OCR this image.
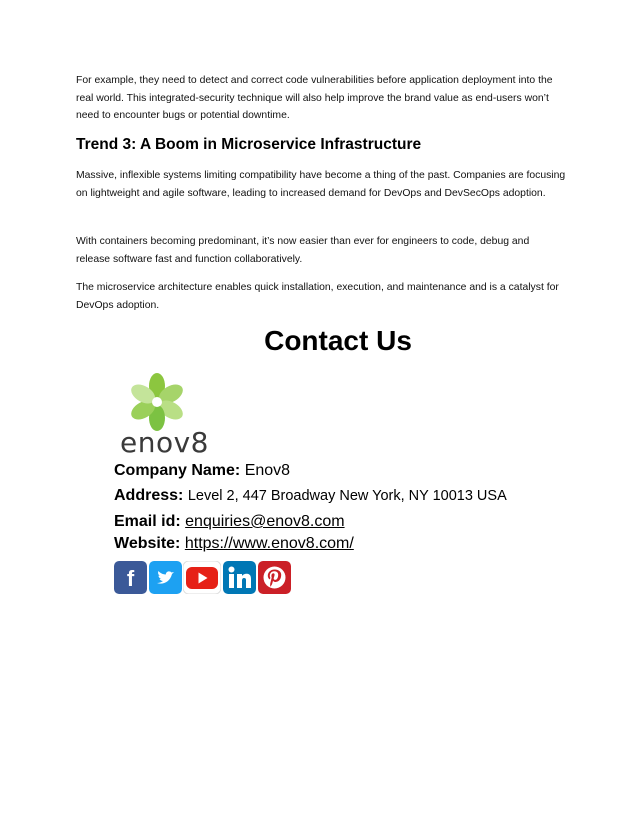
For example, they need to detect and correct code vulnerabilities before application deployment into the real world. This integrated-security technique will also help improve the brand value as end-users won’t need to encounter bugs or potential downtime.

Trend 3: A Boom in Microservice Infrastructure

Massive, inflexible systems limiting compatibility have become a thing of the past. Companies are focusing on lightweight and agile software, leading to increased demand for DevOps and DevSecOps adoption.

With containers becoming predominant, it’s now easier than ever for engineers to code, debug and release software fast and function collaboratively.

The microservice architecture enables quick installation, execution, and maintenance and is a catalyst for DevOps adoption.

Contact Us
enov8
Company Name: Enov8
Address: Level 2, 447 Broadway New York, NY 10013 USA
Email id: enquiries@enov8.com
Website: https://www.enov8.com/
f
